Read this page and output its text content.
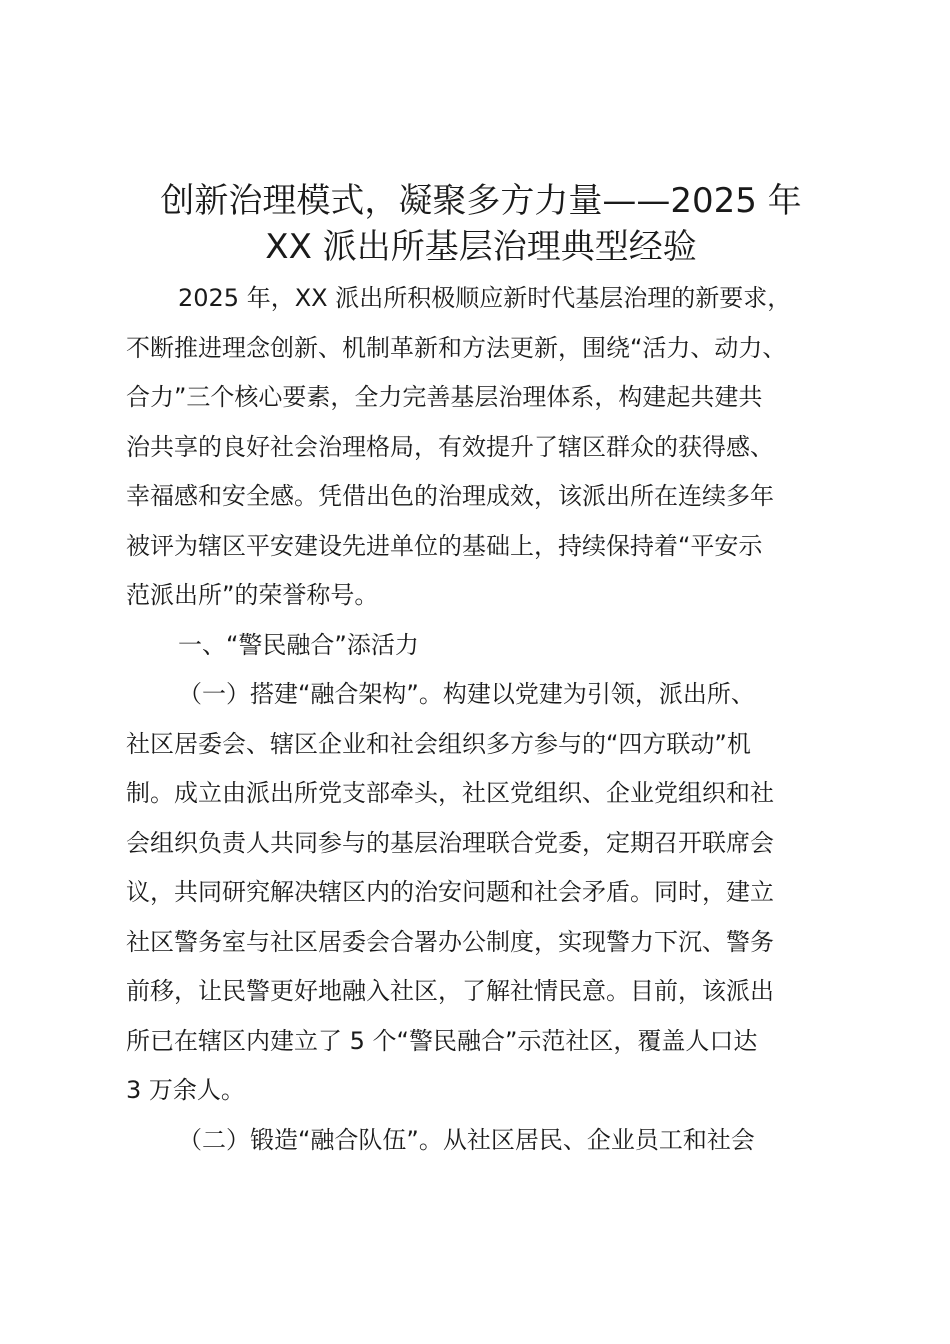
创新治理模式，凝聚多方力量——2025 年
XX 派出所基层治理典型经验
2025 年，XX 派出所积极顺应新时代基层治理的新要求，
不断推进理念创新、机制革新和方法更新，围绕“活力、动力、
合力”三个核心要素，全力完善基层治理体系，构建起共建共
治共享的良好社会治理格局，有效提升了辖区群众的获得感、
幸福感和安全感。凭借出色的治理成效，该派出所在连续多年
被评为辖区平安建设先进单位的基础上，持续保持着“平安示
范派出所”的荣誉称号。
一、“警民融合”添活力
（一）搭建“融合架构”。构建以党建为引领，派出所、
社区居委会、辖区企业和社会组织多方参与的“四方联动”机
制。成立由派出所党支部牵头，社区党组织、企业党组织和社
会组织负责人共同参与的基层治理联合党委，定期召开联席会
议，共同研究解决辖区内的治安问题和社会矛盾。同时，建立
社区警务室与社区居委会合署办公制度，实现警力下沉、警务
前移，让民警更好地融入社区，了解社情民意。目前，该派出
所已在辖区内建立了 5 个“警民融合”示范社区，覆盖人口达
3 万余人。
（二）锻造“融合队伍”。从社区居民、企业员工和社会
